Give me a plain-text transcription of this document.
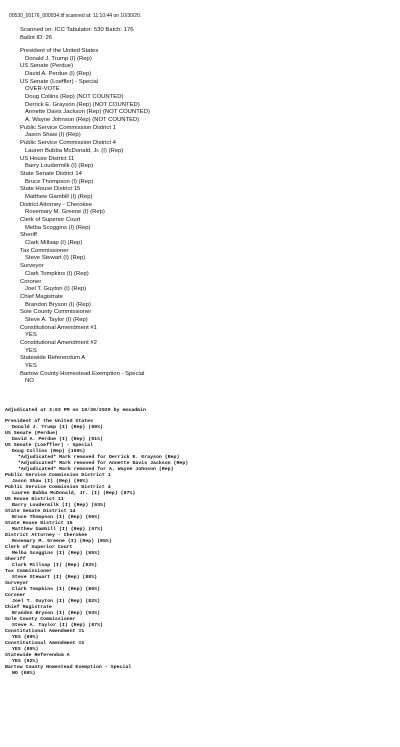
00530_00176_000034.tif scanned at: 11:10:44 on 10/30/20.
Scanned on: ICC Tabulator: 530 Batch: 176
Ballot ID: 26
President of the United States
Donald J. Trump (I) (Rep)
US Senate (Perdue)
David A. Perdue (I) (Rep)
US Senate (Loeffler) - Special
OVER-VOTE
Doug Collins (Rep) (NOT COUNTED)
Derrick E. Grayson (Rep) (NOT COUNTED)
Annette Davis Jackson (Rep) (NOT COUNTED)
A. Wayne Johnson (Rep) (NOT COUNTED)
Public Service Commission District 1
Jason Shaw (I) (Rep)
Public Service Commission District 4
Lauren Bubba McDonald, Jr. (I) (Rep)
US House District 11
Barry Loudermilk (I) (Rep)
State Senate District 14
Bruce Thompson (I) (Rep)
State House District 15
Matthew Gambill (I) (Rep)
District Attorney - Cherokee
Rosemary M. Greene (I) (Rep)
Clerk of Superior Court
Melba Scoggins (I) (Rep)
Sheriff
Clark Millsap (I) (Rep)
Tax Commissioner
Steve Stewart (I) (Rep)
Surveyor
Clark Tompkins (I) (Rep)
Coroner
Joel T. Guyton (I) (Rep)
Chief Magistrate
Brandon Bryson (I) (Rep)
Sole County Commissioner
Steve A. Taylor (I) (Rep)
Constitutional Amendment #1
YES
Constitutional Amendment #2
YES
Statewide Referendum A
YES
Bartow County Homestead Exemption - Special
NO
Adjudicated at 3:03 PM on 10/30/2020 by emsadmin
President of the United States
Donald J. Trump (I) (Rep) (69%)
US Senate (Perdue)
David A. Perdue (I) (Rep) (91%)
US Senate (Loeffler) - Special
Doug Collins (Rep) (100%)
*Adjudicated* Mark removed for Derrick E. Grayson (Rep)
*Adjudicated* Mark removed for Annette Davis Jackson (Rep)
*Adjudicated* Mark removed for A. Wayne Johnson (Rep)
Public Service Commission District 1
Jason Shaw (I) (Rep) (96%)
Public Service Commission District 4
Lauren Bubba McDonald, Jr. (I) (Rep) (87%)
US House District 11
Barry Loudermilk (I) (Rep) (93%)
State Senate District 14
Bruce Thompson (I) (Rep) (96%)
State House District 15
Matthew Gambill (I) (Rep) (97%)
District Attorney - Cherokee
Rosemary M. Greene (I) (Rep) (85%)
Clerk of Superior Court
Melba Scoggins (I) (Rep) (95%)
Sheriff
Clark Millsap (I) (Rep) (83%)
Tax Commissioner
Steve Stewart (I) (Rep) (88%)
Surveyor
Clark Tompkins (I) (Rep) (86%)
Coroner
Joel T. Guyton (I) (Rep) (82%)
Chief Magistrate
Brandon Bryson (I) (Rep) (93%)
Sole County Commissioner
Steve A. Taylor (I) (Rep) (87%)
Constitutional Amendment #1
YES (89%)
Constitutional Amendment #2
YES (89%)
Statewide Referendum A
YES (92%)
Bartow County Homestead Exemption - Special
NO (89%)
